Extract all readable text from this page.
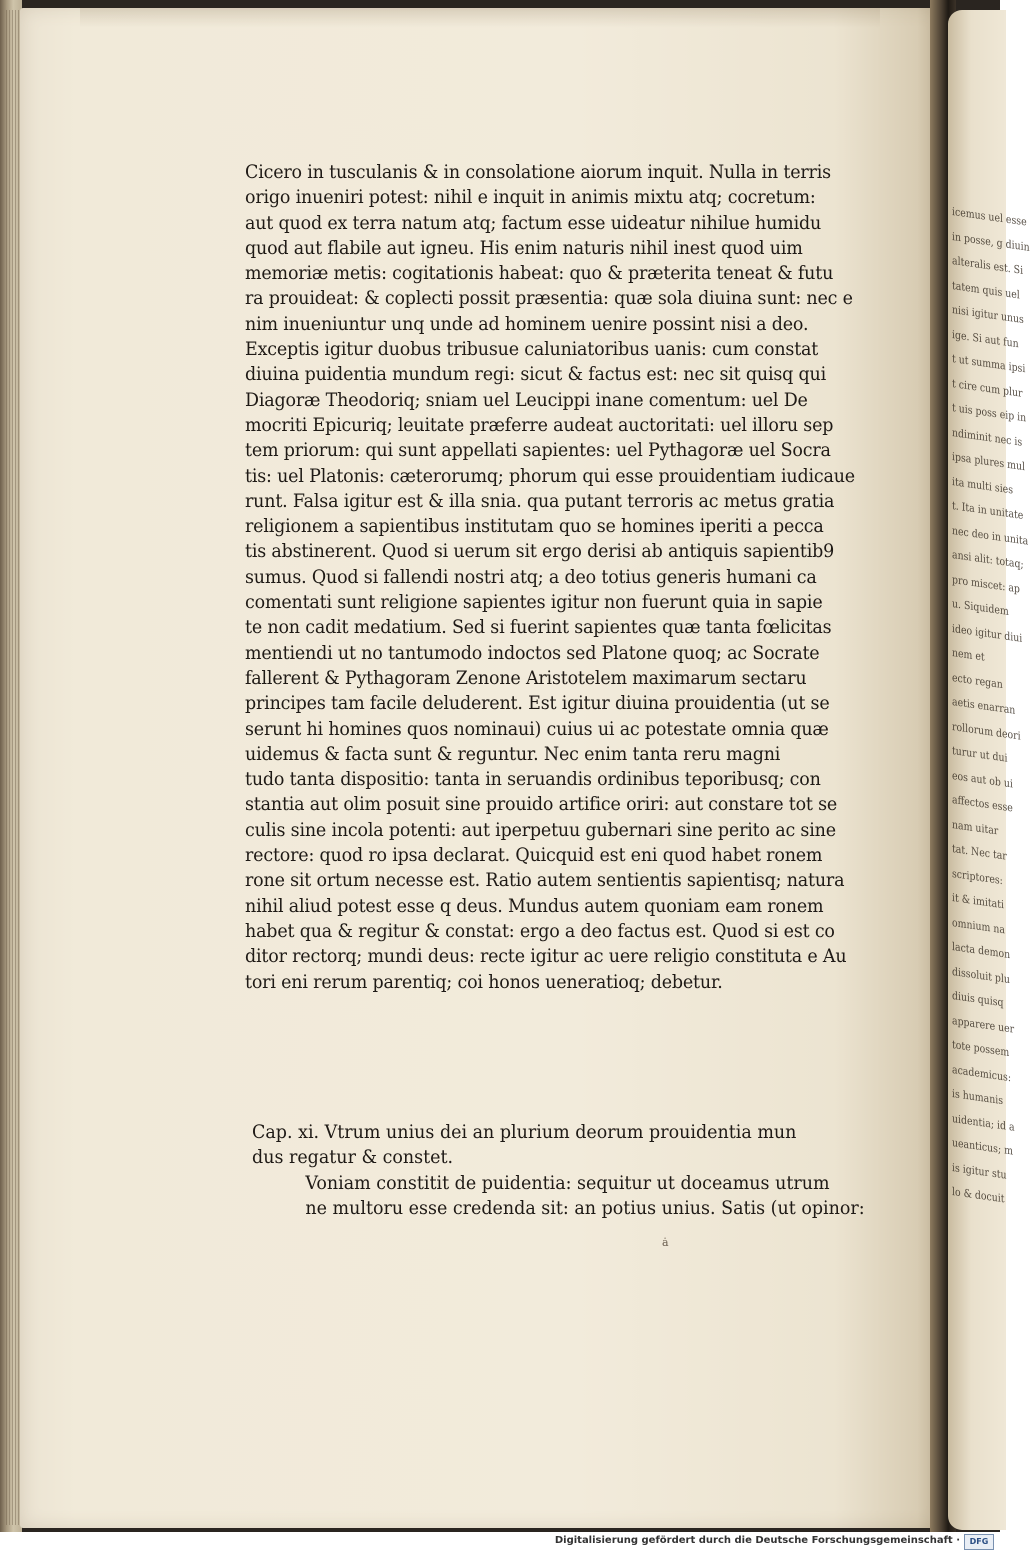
icemus uel esse
in posse, g diuin
alteralis est. Si
tatem quis uel
nisi igitur unus
ige. Si aut fun
t ut summa ipsi
t cire cum plur
t uis poss eip in
ndiminit nec is
ipsa plures mul
ita multi sies
t. Ita in unitate
nec deo in unita
ansi alit: totaq;
pro miscet: ap
u. Siquidem
ideo igitur diui
nem et
ecto regan
aetis enarran
rollorum deori
turur ut dui
eos aut ob ui
affectos esse
nam uitar
tat. Nec tar
scriptores:
it & imitati
omnium na
lacta demon
dissoluit plu
diuis quisq
apparere uer
tote possem
academicus:
is humanis
uidentia; id a
ueanticus; m
is igitur stu
lo & docuit
Cicero in tusculanis & in consolatione aiorum inquit. Nulla in terris
origo inueniri potest: nihil e inquit in animis mixtu atq; cocretum:
aut quod ex terra natum atq; factum esse uideatur nihilue humidu
quod aut flabile aut igneu. His enim naturis nihil inest quod uim
memoriæ metis: cogitationis habeat: quo & præterita teneat & futu
ra prouideat: & coplecti possit præsentia: quæ sola diuina sunt: nec e
nim inueniuntur unq unde ad hominem uenire possint nisi a deo.
Exceptis igitur duobus tribusue caluniatoribus uanis: cum constat
diuina puidentia mundum regi: sicut & factus est: nec sit quisq qui
Diagoræ Theodoriq; sniam uel Leucippi inane comentum: uel De
mocriti Epicuriq; leuitate præferre audeat auctoritati: uel illoru sep
tem priorum: qui sunt appellati sapientes: uel Pythagoræ uel Socra
tis: uel Platonis: cæterorumq; phorum qui esse prouidentiam iudicaue
runt. Falsa igitur est & illa snia. qua putant terroris ac metus gratia
religionem a sapientibus institutam quo se homines iperiti a pecca
tis abstinerent. Quod si uerum sit ergo derisi ab antiquis sapientib9
sumus. Quod si fallendi nostri atq; a deo totius generis humani ca
comentati sunt religione sapientes igitur non fuerunt quia in sapie
te non cadit medatium. Sed si fuerint sapientes quæ tanta fœlicitas
mentiendi ut no tantumodo indoctos sed Platone quoq; ac Socrate
fallerent & Pythagoram Zenone Aristotelem maximarum sectaru
principes tam facile deluderent. Est igitur diuina prouidentia (ut se
serunt hi homines quos nominaui) cuius ui ac potestate omnia quæ
uidemus & facta sunt & reguntur. Nec enim tanta reru magni
tudo tanta dispositio: tanta in seruandis ordinibus teporibusq; con
stantia aut olim posuit sine prouido artifice oriri: aut constare tot se
culis sine incola potenti: aut iperpetuu gubernari sine perito ac sine
rectore: quod ro ipsa declarat. Quicquid est eni quod habet ronem
rone sit ortum necesse est. Ratio autem sentientis sapientisq; natura
nihil aliud potest esse q deus. Mundus autem quoniam eam ronem
habet qua & regitur & constat: ergo a deo factus est. Quod si est co
ditor rectorq; mundi deus: recte igitur ac uere religio constituta e Au
tori eni rerum parentiq; coi honos ueneratioq; debetur.
Cap. xi. Vtrum unius dei an plurium deorum prouidentia mun
dus regatur & constet.
Voniam constitit de puidentia: sequitur ut doceamus utrum
ne multoru esse credenda sit: an potius unius. Satis (ut opinor:
ȧ
Digitalisierung gefördert durch die Deutsche Forschungsgemeinschaft ·	DFG
